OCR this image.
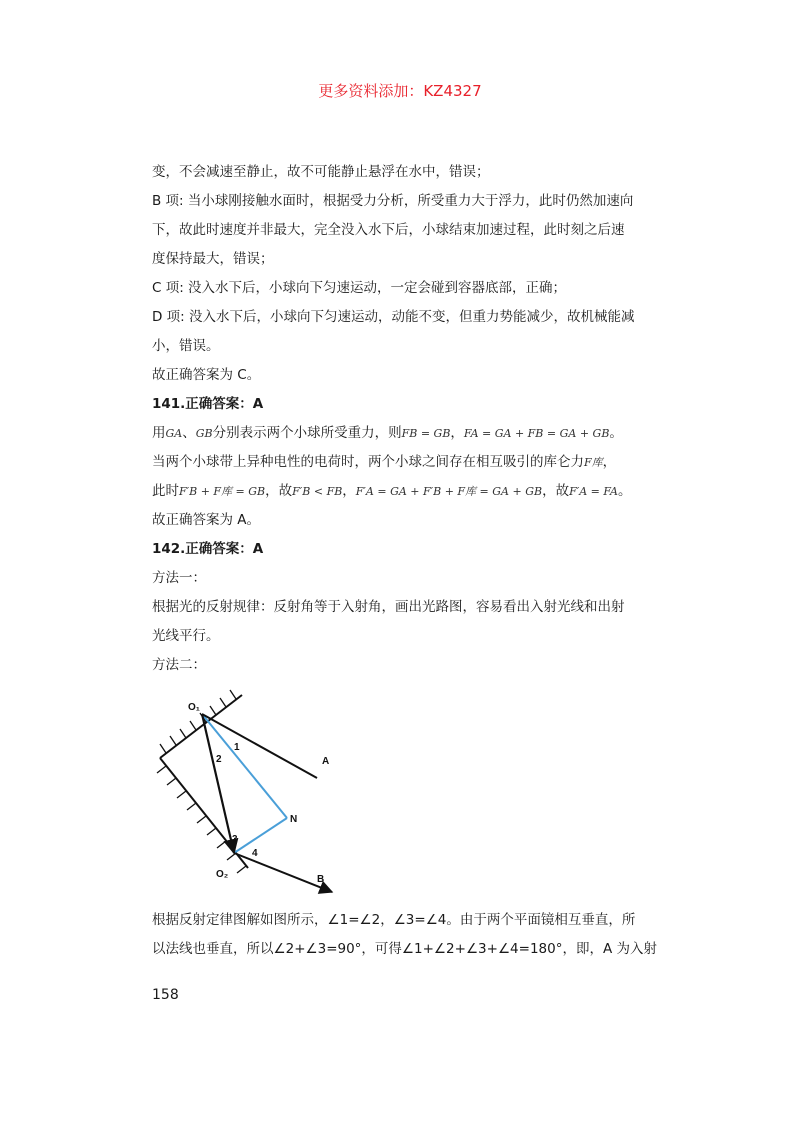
更多资料添加：KZ4327
变，不会减速至静止，故不可能静止悬浮在水中，错误；
B 项: 当小球刚接触水面时，根据受力分析，所受重力大于浮力，此时仍然加速向
下，故此时速度并非最大，完全没入水下后，小球结束加速过程，此时刻之后速
度保持最大，错误；
C 项: 没入水下后，小球向下匀速运动，一定会碰到容器底部，正确；
D 项: 没入水下后，小球向下匀速运动，动能不变，但重力势能减少，故机械能减
小，错误。
故正确答案为 C。
141.正确答案：A
用GA、GB分别表示两个小球所受重力，则FB = GB，FA = GA + FB = GA + GB。
当两个小球带上异种电性的电荷时，两个小球之间存在相互吸引的库仑力F库，
此时F′B + F库 = GB，故F′B < FB，F′A = GA + F′B + F库 = GA + GB，故F′A = FA。
故正确答案为 A。
142.正确答案：A
方法一：
根据光的反射规律：反射角等于入射角，画出光路图，容易看出入射光线和出射
光线平行。
方法二：
O₁
O₂
A
B
N
1
2
3
4
根据反射定律图解如图所示，∠1=∠2，∠3=∠4。由于两个平面镜相互垂直，所
以法线也垂直，所以∠2+∠3=90°，可得∠1+∠2+∠3+∠4=180°，即，A 为入射
158
